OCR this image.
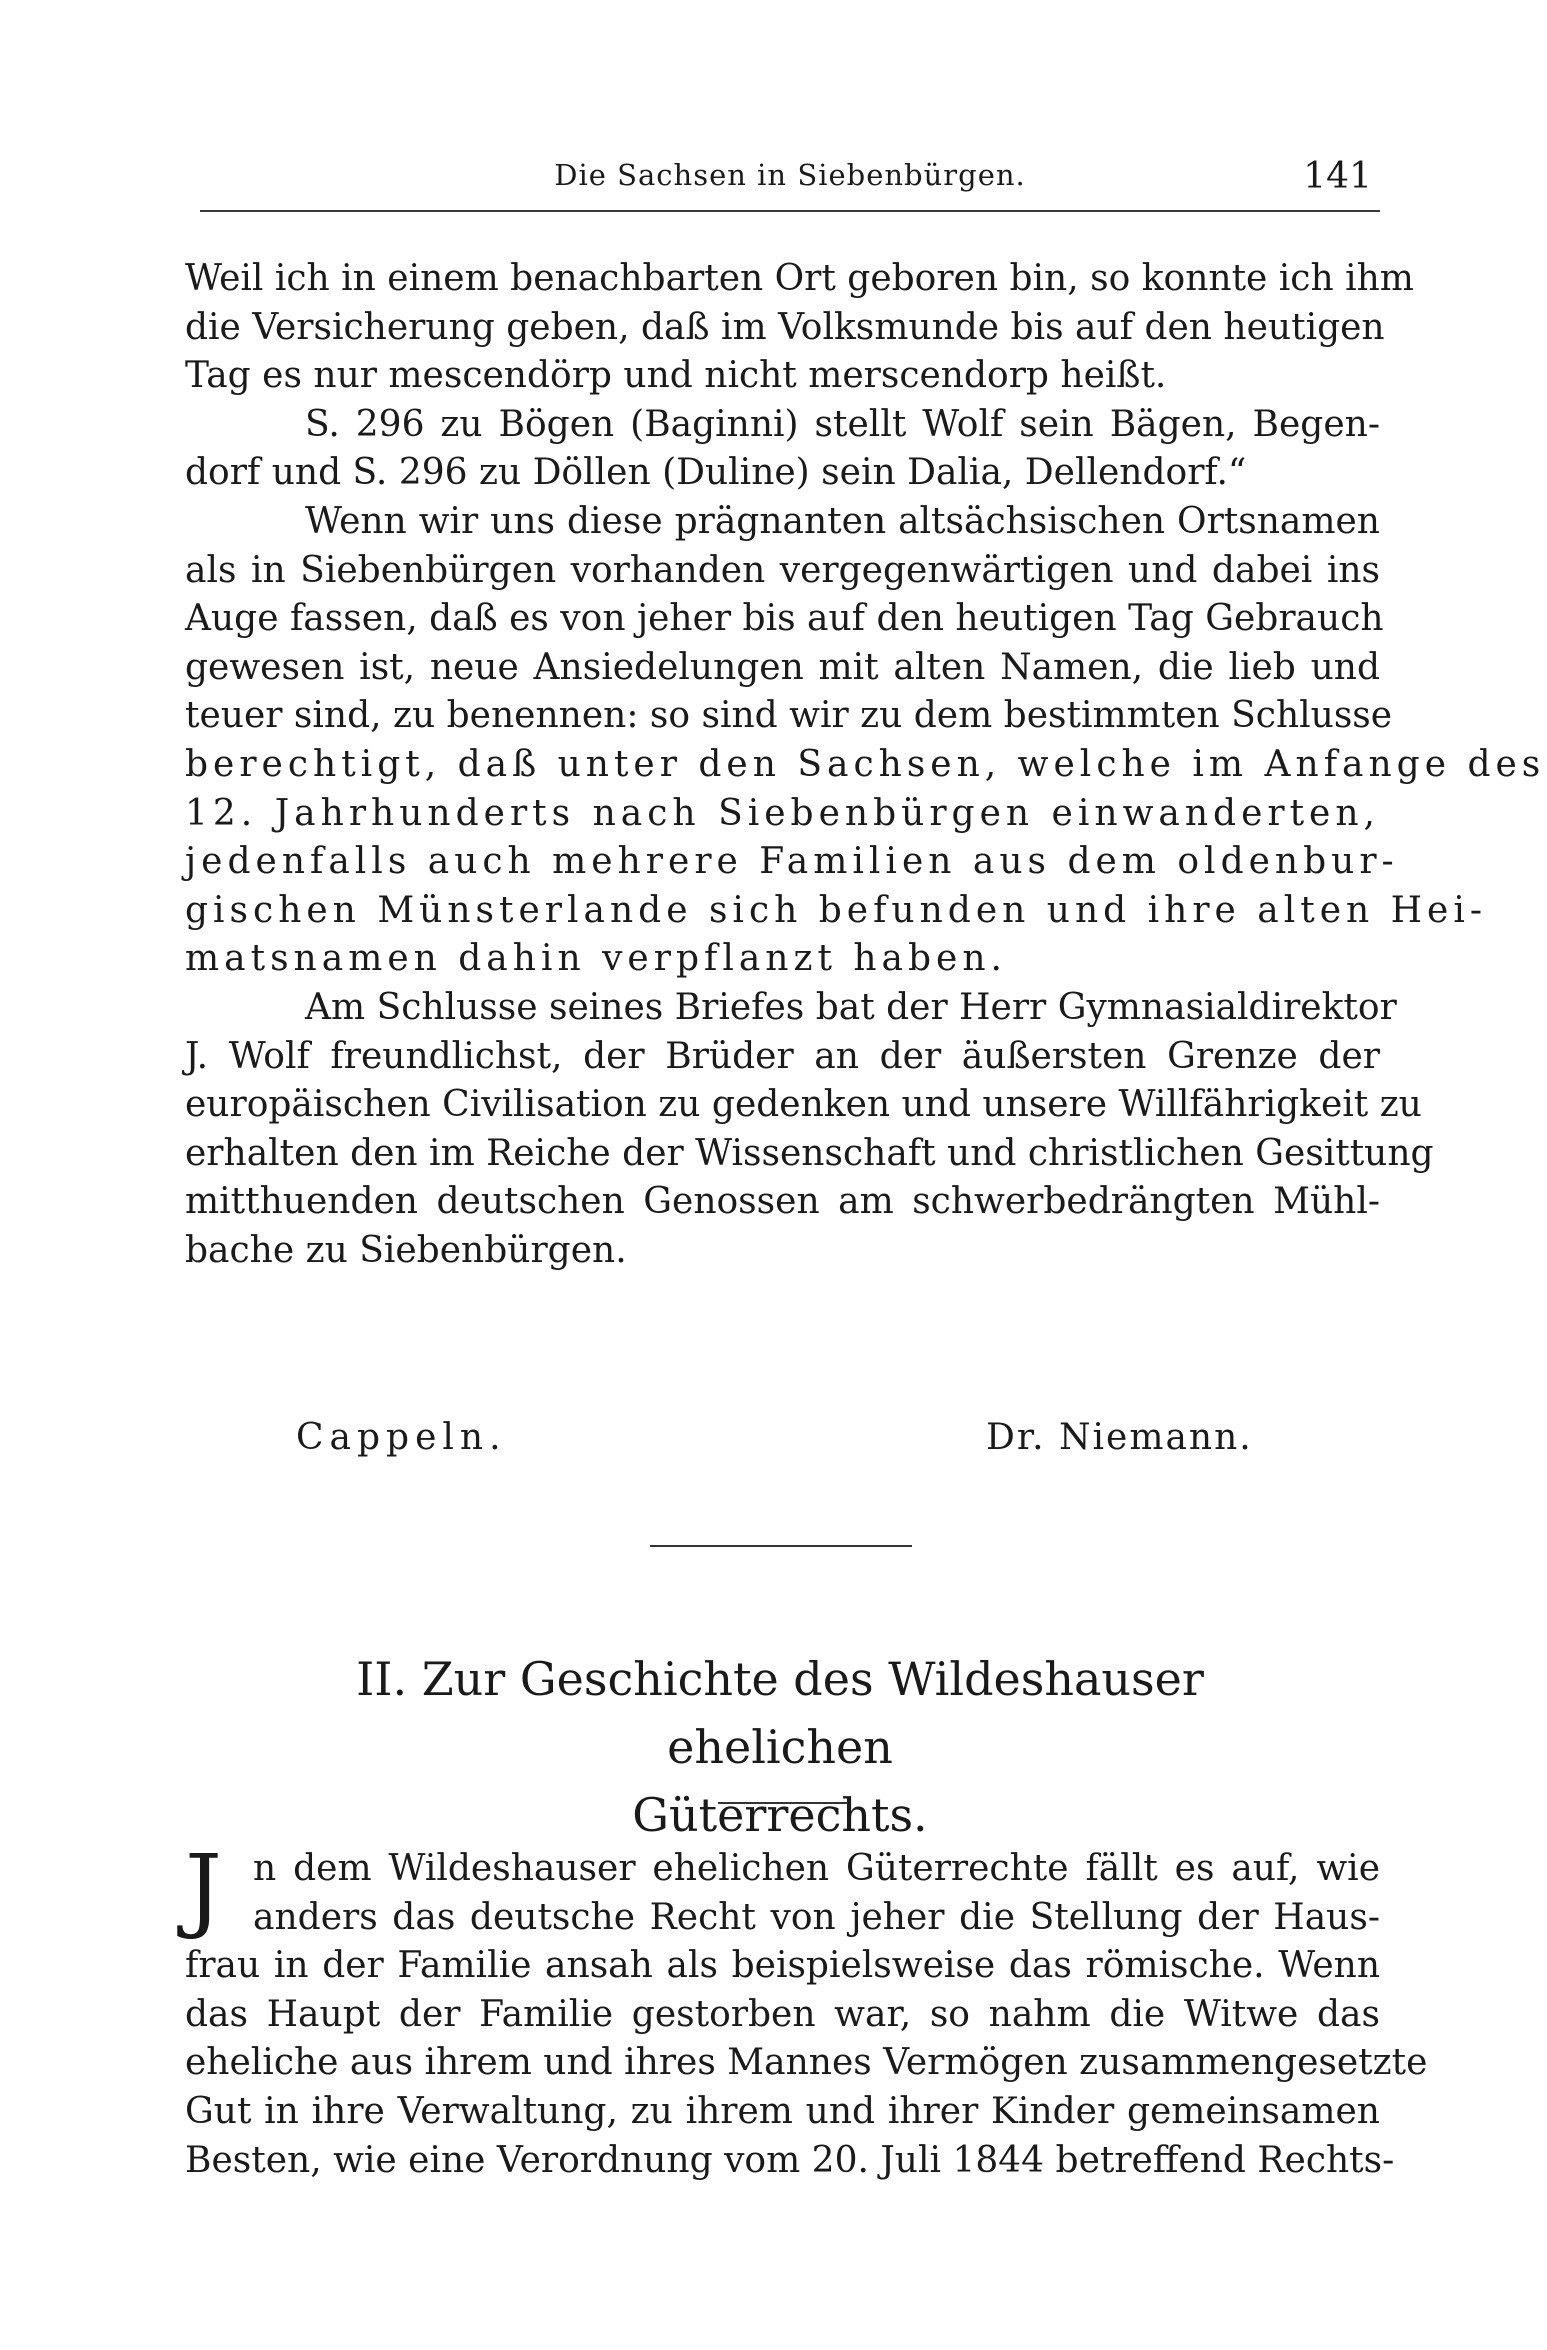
Die Sachsen in Siebenbürgen.	141
Weil ich in einem benachbarten Ort geboren bin, so konnte ich ihm
die Versicherung geben, daß im Volksmunde bis auf den heutigen
Tag es nur mescendörp und nicht merscendorp heißt.
S. 296 zu Bögen (Baginni) stellt Wolf sein Bägen, Begen-
dorf und S. 296 zu Döllen (Duline) sein Dalia, Dellendorf.“
Wenn wir uns diese prägnanten altsächsischen Ortsnamen
als in Siebenbürgen vorhanden vergegenwärtigen und dabei ins
Auge fassen, daß es von jeher bis auf den heutigen Tag Gebrauch
gewesen ist, neue Ansiedelungen mit alten Namen, die lieb und
teuer sind, zu benennen: so sind wir zu dem bestimmten Schlusse
berechtigt, daß unter den Sachsen, welche im Anfange des
12. Jahrhunderts nach Siebenbürgen einwanderten,
jedenfalls auch mehrere Familien aus dem oldenbur-
gischen Münsterlande sich befunden und ihre alten Hei-
matsnamen dahin verpflanzt haben.
Am Schlusse seines Briefes bat der Herr Gymnasialdirektor
J. Wolf freundlichst, der Brüder an der äußersten Grenze der
europäischen Civilisation zu gedenken und unsere Willfährigkeit zu
erhalten den im Reiche der Wissenschaft und christlichen Gesittung
mitthuenden deutschen Genossen am schwerbedrängten Mühl-
bache zu Siebenbürgen.
Cappeln.	Dr. Niemann.
II. Zur Geschichte des Wildeshauser ehelichen
Güterrechts.
J n dem Wildeshauser ehelichen Güterrechte fällt es auf, wie
anders das deutsche Recht von jeher die Stellung der Haus-
frau in der Familie ansah als beispielsweise das römische. Wenn
das Haupt der Familie gestorben war, so nahm die Witwe das
eheliche aus ihrem und ihres Mannes Vermögen zusammengesetzte
Gut in ihre Verwaltung, zu ihrem und ihrer Kinder gemeinsamen
Besten, wie eine Verordnung vom 20. Juli 1844 betreffend Rechts-
